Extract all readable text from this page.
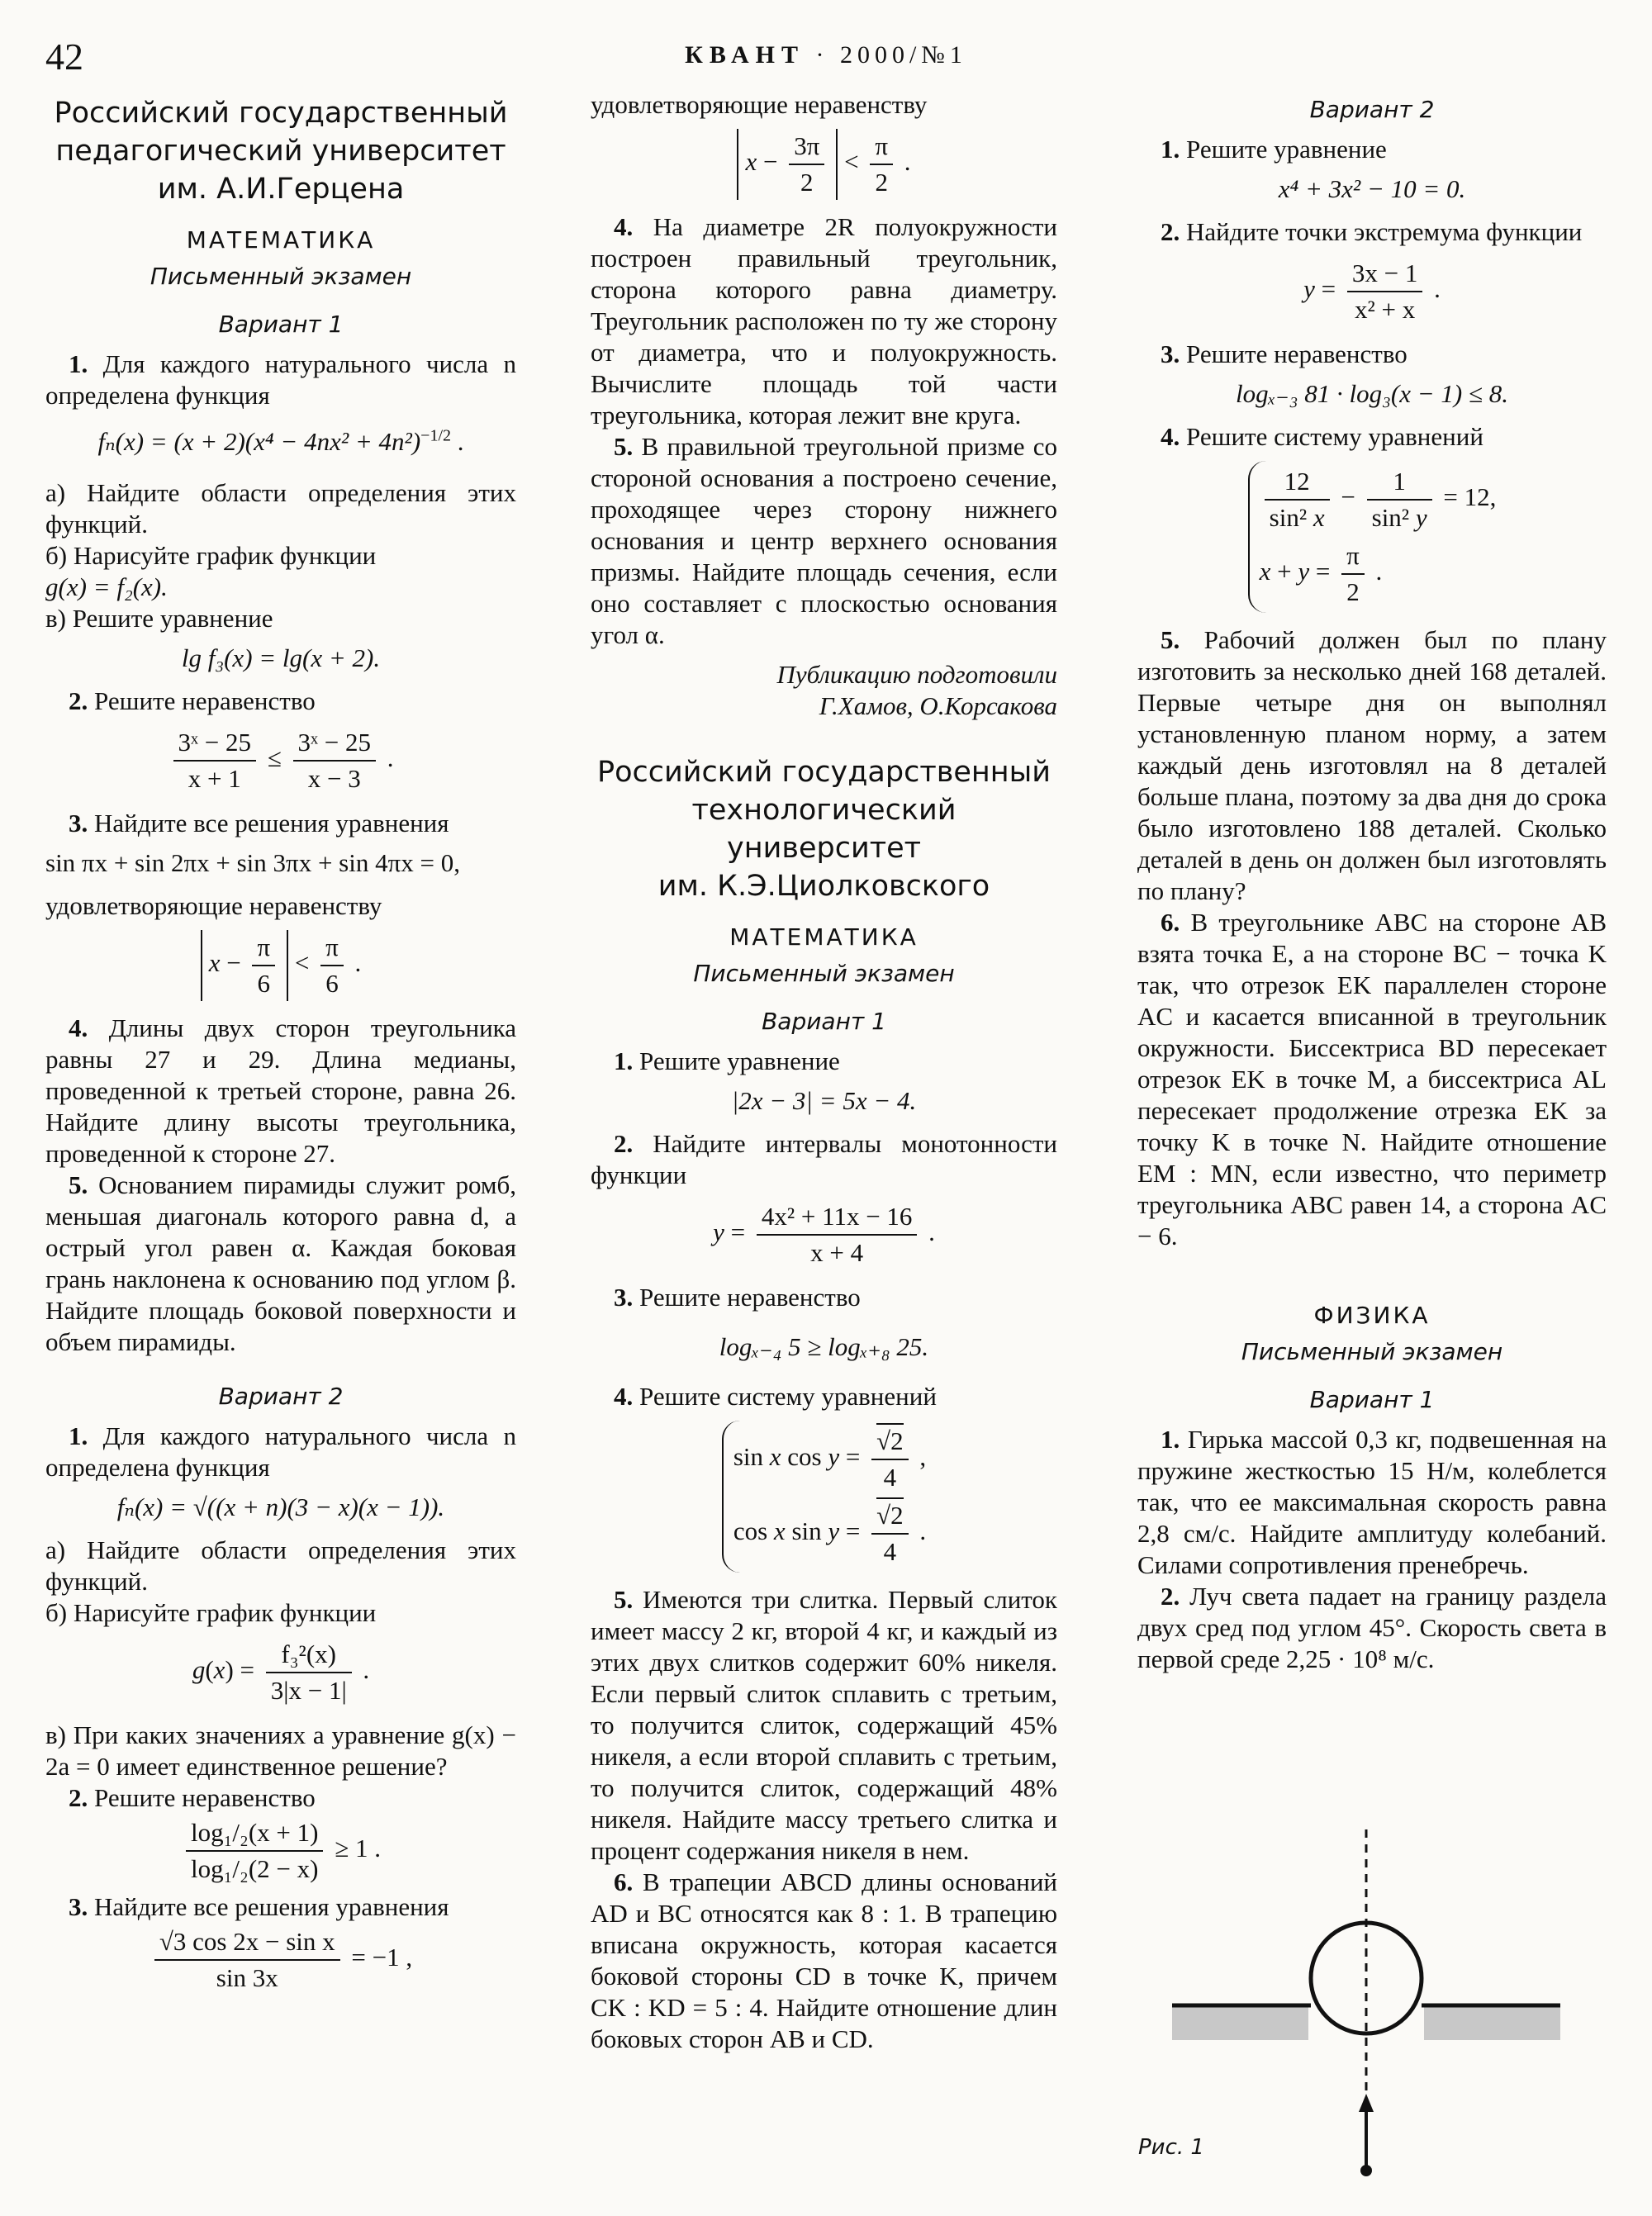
42	КВАНТ · 2000/№1
Российский государственный
педагогический университет
им. А.И.Герцена
МАТЕМАТИКА
Письменный экзамен
Вариант 1

1. Для каждого натурального числа n определена функция

$f_n(x) = (x + 2)(x^4 - 4nx^2 + 4n^2)^{-1/2}$ .

а) Найдите области определения этих функций.

б) Нарисуйте график функции
g(x) = f₂(x).

в) Решите уравнение

lg f₃(x) = lg(x + 2).

2. Решите неравенство

$\frac{\text{3ˣ − 25}}{x + 1} \le \frac{\text{3ˣ − 25}}{x - 3}$ .

3. Найдите все решения уравнения

sin πx + sin 2πx + sin 3πx + sin 4πx = 0,

удовлетворяющие неравенству

$x - \frac{\pi}{6} < \frac{\pi}{6}$ .

4. Длины двух сторон треугольника равны 27 и 29. Длина медианы, проведенной к третьей стороне, равна 26. Найдите длину высоты треугольника, проведенной к стороне 27.

5. Основанием пирамиды служит ромб, меньшая диагональ которого равна d, а острый угол равен α. Каждая боковая грань наклонена к основанию под углом β. Найдите площадь боковой поверхности и объем пирамиды.

Вариант 2

1. Для каждого натурального числа n определена функция

fₙ(x) = √((x + n)(3 − x)(x − 1)).

а) Найдите области определения этих функций.

б) Нарисуйте график функции

$g(x) = \frac{\text{f₃²(x)}}{3|x - 1|}$ .

в) При каких значениях a уравнение g(x) − 2a = 0 имеет единственное решение?

2. Решите неравенство

$\frac{\text{log₁/₂(x + 1)}}{\text{log₁/₂(2 − x)}} \ge 1$ .

3. Найдите все решения уравнения

$\frac{\text{√3 cos 2x − sin x}}{\sin 3x} = -1$ ,

удовлетворяющие неравенству

$x - \frac{3\pi}{2} < \frac{\pi}{2}$ .

4. На диаметре 2R полуокружности построен правильный треугольник, сторона которого равна диаметру. Треугольник расположен по ту же сторону от диаметра, что и полуокружность. Вычислите площадь той части треугольника, которая лежит вне круга.

5. В правильной треугольной призме со стороной основания a построено сечение, проходящее через сторону нижнего основания и центр верхнего основания призмы. Найдите площадь сечения, если оно составляет с плоскостью основания угол α.

Публикацию подготовили
Г.Хамов, О.Корсакова
Российский государственный
технологический университет
им. К.Э.Циолковского
МАТЕМАТИКА
Письменный экзамен
Вариант 1

1. Решите уравнение

|2x − 3| = 5x − 4.

2. Найдите интервалы монотонности функции

$y = \frac{\text{4x² + 11x − 16}}{x + 4}$ .

3. Решите неравенство

logₓ₋₄ 5 ≥ logₓ₊₈ 25.

4. Решите систему уравнений

sin x $\cos y = \frac{√2}{4}$ ,
cos x $\sin y = \frac{√2}{4}$ .

5. Имеются три слитка. Первый слиток имеет массу 2 кг, второй 4 кг, и каждый из этих двух слитков содержит 60% никеля. Если первый слиток сплавить с третьим, то получится слиток, содержащий 45% никеля, а если второй сплавить с третьим, то получится слиток, содержащий 48% никеля. Найдите массу третьего слитка и процент содержания никеля в нем.

6. В трапеции ABCD длины оснований AD и BC относятся как 8 : 1. В трапецию вписана окружность, которая касается боковой стороны CD в точке K, причем CK : KD = 5 : 4. Найдите отношение длин боковых сторон AB и CD.

Вариант 2

1. Решите уравнение

x⁴ + 3x² − 10 = 0.

2. Найдите точки экстремума функции

$y = \frac{3x - 1}{\text{x² + x}}$ .

3. Решите неравенство

logₓ₋₃ 81 · log₃(x − 1) ≤ 8.

4. Решите систему уравнений

$\frac{12}{\text{sin² x}} - \frac{1}{\text{sin² y}} = 12$,
$x + y = \frac{\pi}{2}$ .

5. Рабочий должен был по плану изготовить за несколько дней 168 деталей. Первые четыре дня он выполнял установленную планом норму, а затем каждый день изготовлял на 8 деталей больше плана, поэтому за два дня до срока было изготовлено 188 деталей. Сколько деталей в день он должен был изготовлять по плану?

6. В треугольнике ABC на стороне AB взята точка E, а на стороне BC − точка K так, что отрезок EK параллелен стороне AC и касается вписанной в треугольник окружности. Биссектриса BD пересекает отрезок EK в точке M, а биссектриса AL пересекает продолжение отрезка EK за точку K в точке N. Найдите отношение EM : MN, если известно, что периметр треугольника ABC равен 14, а сторона AC − 6.

ФИЗИКА
Письменный экзамен
Вариант 1

1. Гирька массой 0,3 кг, подвешенная на пружине жесткостью 15 Н/м, колеблется так, что ее максимальная скорость равна 2,8 см/с. Найдите амплитуду колебаний. Силами сопротивления пренебречь.

2. Луч света падает на границу раздела двух сред под углом 45°. Скорость света в первой среде 2,25 · 10⁸ м/с.

Рис. 1
